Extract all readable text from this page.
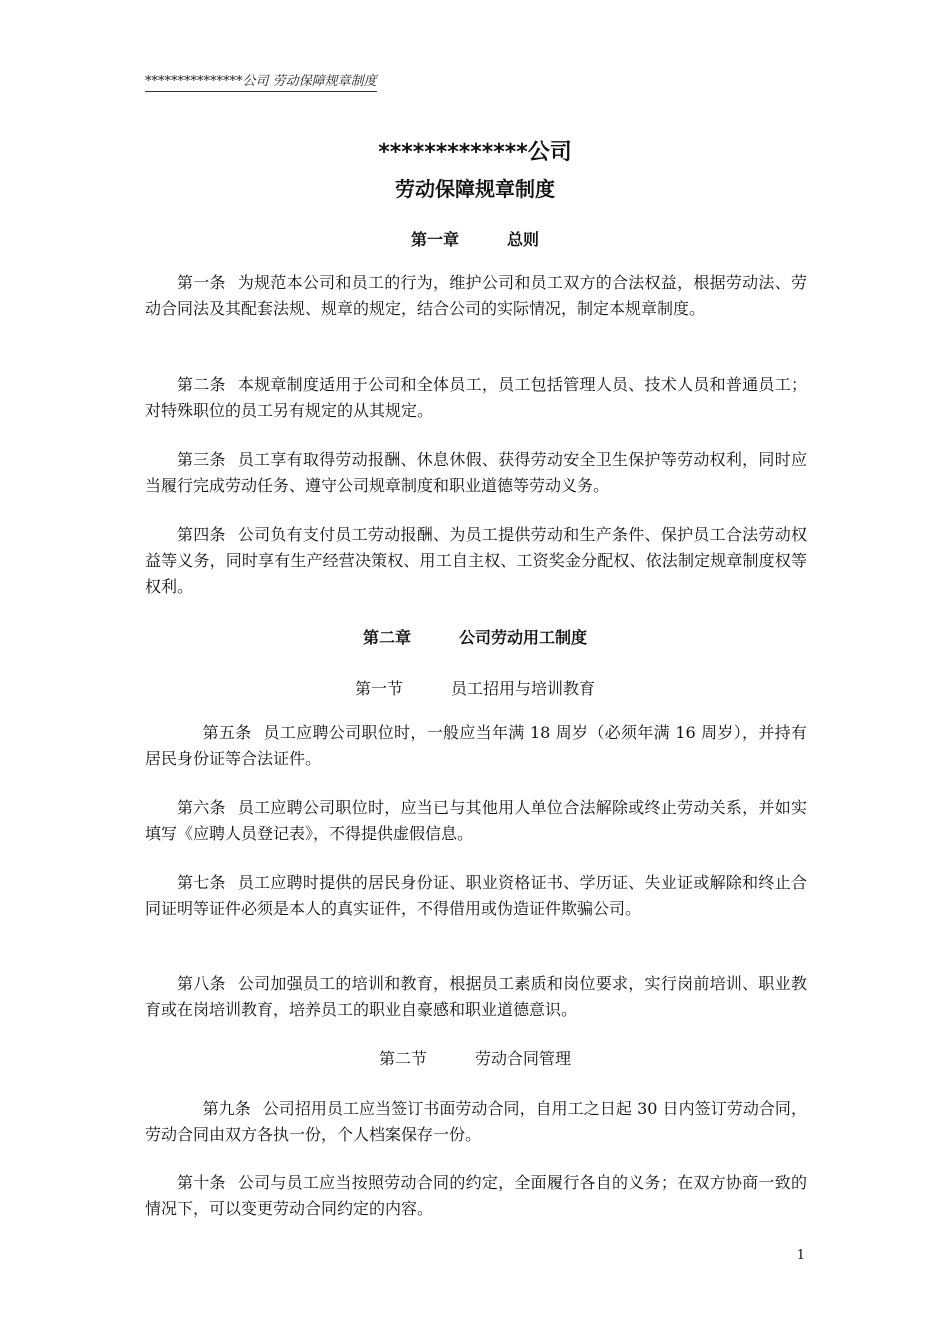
***************公司 劳动保障规章制度
*************公司
劳动保障规章制度
第一章	总则

第一条 为规范本公司和员工的行为，维护公司和员工双方的合法权益，根据劳动法、劳动合同法及其配套法规、规章的规定，结合公司的实际情况，制定本规章制度。

第二条 本规章制度适用于公司和全体员工，员工包括管理人员、技术人员和普通员工；对特殊职位的员工另有规定的从其规定。

第三条 员工享有取得劳动报酬、休息休假、获得劳动安全卫生保护等劳动权利，同时应当履行完成劳动任务、遵守公司规章制度和职业道德等劳动义务。

第四条 公司负有支付员工劳动报酬、为员工提供劳动和生产条件、保护员工合法劳动权益等义务，同时享有生产经营决策权、用工自主权、工资奖金分配权、依法制定规章制度权等权利。

第二章	公司劳动用工制度
第一节	员工招用与培训教育

第五条 员工应聘公司职位时，一般应当年满 18 周岁（必须年满 16 周岁），并持有居民身份证等合法证件。

第六条 员工应聘公司职位时，应当已与其他用人单位合法解除或终止劳动关系，并如实填写《应聘人员登记表》，不得提供虚假信息。

第七条 员工应聘时提供的居民身份证、职业资格证书、学历证、失业证或解除和终止合同证明等证件必须是本人的真实证件，不得借用或伪造证件欺骗公司。

第八条 公司加强员工的培训和教育，根据员工素质和岗位要求，实行岗前培训、职业教育或在岗培训教育，培养员工的职业自豪感和职业道德意识。

第二节	劳动合同管理

第九条 公司招用员工应当签订书面劳动合同，自用工之日起 30 日内签订劳动合同，劳动合同由双方各执一份，个人档案保存一份。

第十条 公司与员工应当按照劳动合同的约定，全面履行各自的义务；在双方协商一致的情况下，可以变更劳动合同约定的内容。

1
